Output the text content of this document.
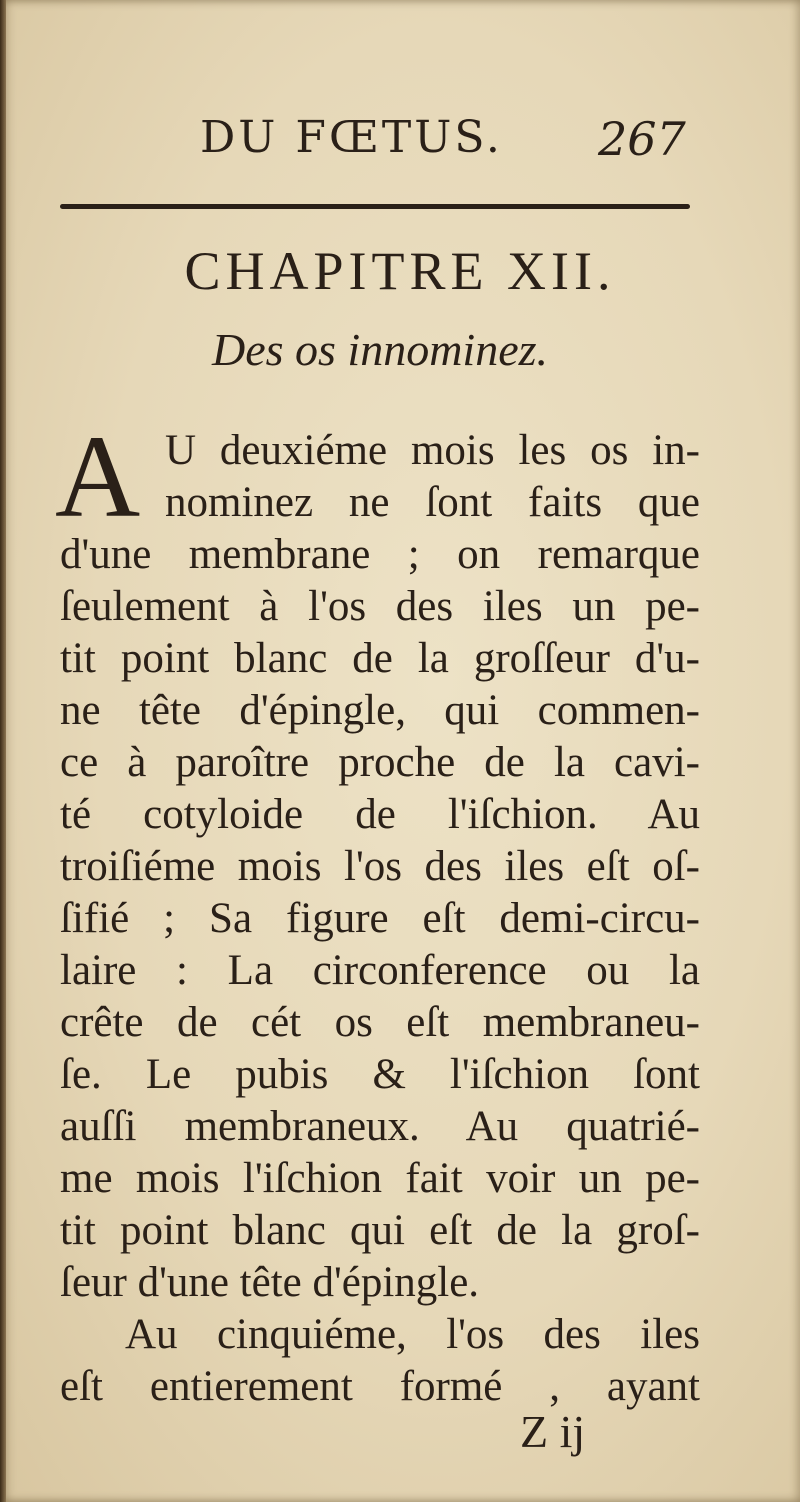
DU FŒTUS. 267
CHAPITRE XII.
Des os innominez.
A U deuxiéme mois les os in-
nominez ne ſont faits que
d'une membrane ; on remarque
ſeulement à l'os des iles un pe-
tit point blanc de la groſſeur d'u-
ne tête d'épingle, qui commen-
ce à paroître proche de la cavi-
té cotyloide de l'iſchion. Au
troiſiéme mois l'os des iles eſt oſ-
ſifié ; Sa figure eſt demi-circu-
laire : La circonference ou la
crête de cét os eſt membraneu-
ſe. Le pubis & l'iſchion ſont
auſſi membraneux. Au quatrié-
me mois l'iſchion fait voir un pe-
tit point blanc qui eſt de la groſ-
ſeur d'une tête d'épingle.
Au cinquiéme, l'os des iles
eſt entierement formé , ayant
Z ij
